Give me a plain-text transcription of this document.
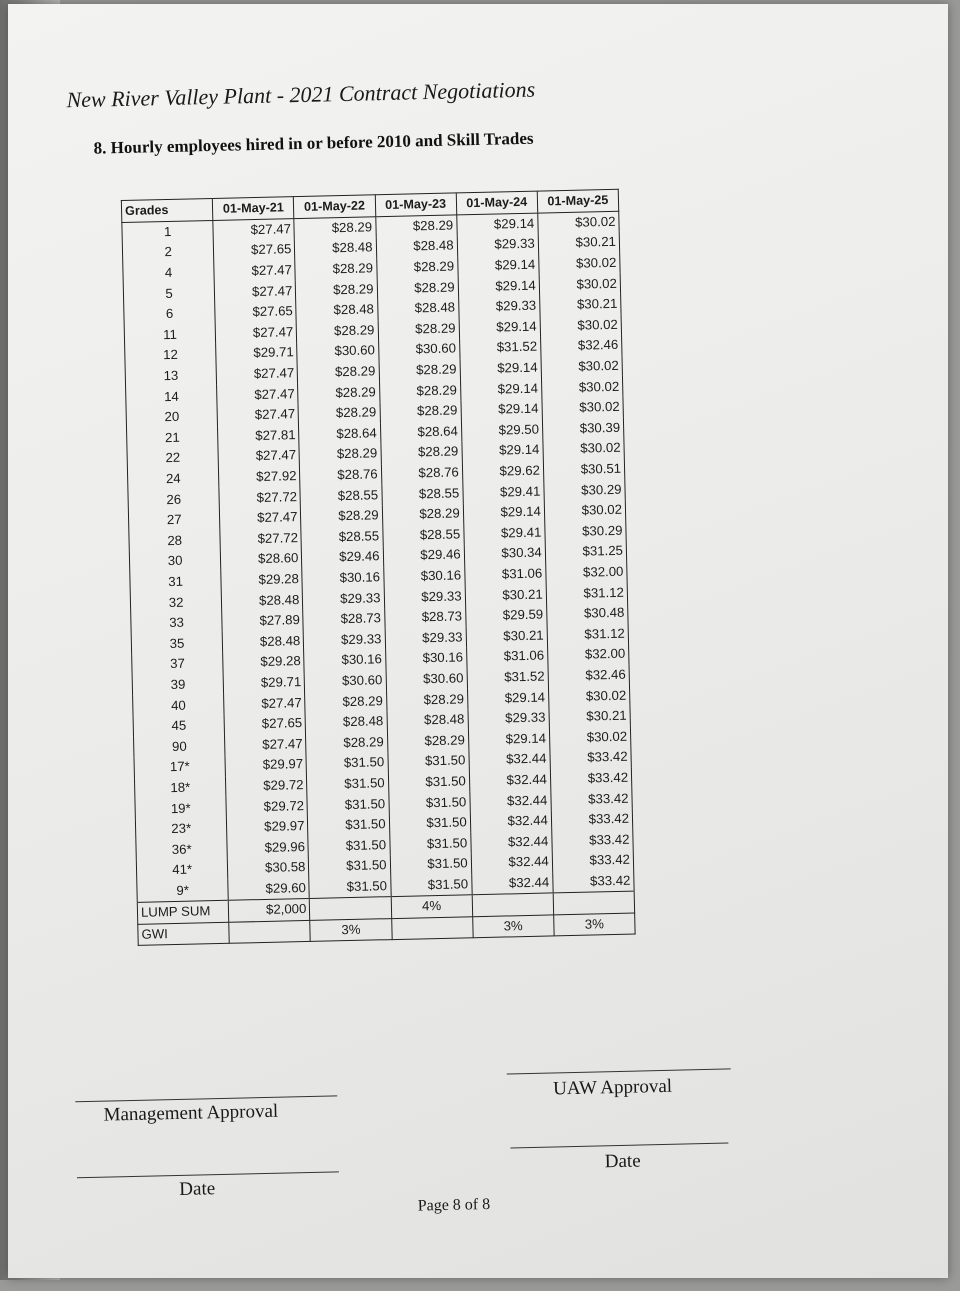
New River Valley Plant - 2021 Contract Negotiations
8. Hourly employees hired in or before 2010 and Skill Trades
Grades	01-May-21	01-May-22	01-May-23	01-May-24	01-May-25
1	$27.47	$28.29	$28.29	$29.14	$30.02
2	$27.65	$28.48	$28.48	$29.33	$30.21
4	$27.47	$28.29	$28.29	$29.14	$30.02
5	$27.47	$28.29	$28.29	$29.14	$30.02
6	$27.65	$28.48	$28.48	$29.33	$30.21
11	$27.47	$28.29	$28.29	$29.14	$30.02
12	$29.71	$30.60	$30.60	$31.52	$32.46
13	$27.47	$28.29	$28.29	$29.14	$30.02
14	$27.47	$28.29	$28.29	$29.14	$30.02
20	$27.47	$28.29	$28.29	$29.14	$30.02
21	$27.81	$28.64	$28.64	$29.50	$30.39
22	$27.47	$28.29	$28.29	$29.14	$30.02
24	$27.92	$28.76	$28.76	$29.62	$30.51
26	$27.72	$28.55	$28.55	$29.41	$30.29
27	$27.47	$28.29	$28.29	$29.14	$30.02
28	$27.72	$28.55	$28.55	$29.41	$30.29
30	$28.60	$29.46	$29.46	$30.34	$31.25
31	$29.28	$30.16	$30.16	$31.06	$32.00
32	$28.48	$29.33	$29.33	$30.21	$31.12
33	$27.89	$28.73	$28.73	$29.59	$30.48
35	$28.48	$29.33	$29.33	$30.21	$31.12
37	$29.28	$30.16	$30.16	$31.06	$32.00
39	$29.71	$30.60	$30.60	$31.52	$32.46
40	$27.47	$28.29	$28.29	$29.14	$30.02
45	$27.65	$28.48	$28.48	$29.33	$30.21
90	$27.47	$28.29	$28.29	$29.14	$30.02
17*	$29.97	$31.50	$31.50	$32.44	$33.42
18*	$29.72	$31.50	$31.50	$32.44	$33.42
19*	$29.72	$31.50	$31.50	$32.44	$33.42
23*	$29.97	$31.50	$31.50	$32.44	$33.42
36*	$29.96	$31.50	$31.50	$32.44	$33.42
41*	$30.58	$31.50	$31.50	$32.44	$33.42
9*	$29.60	$31.50	$31.50	$32.44	$33.42
LUMP SUM	$2,000		4%		
GWI		3%		3%	3%
Management Approval
Date
UAW Approval
Date
Page 8 of 8
